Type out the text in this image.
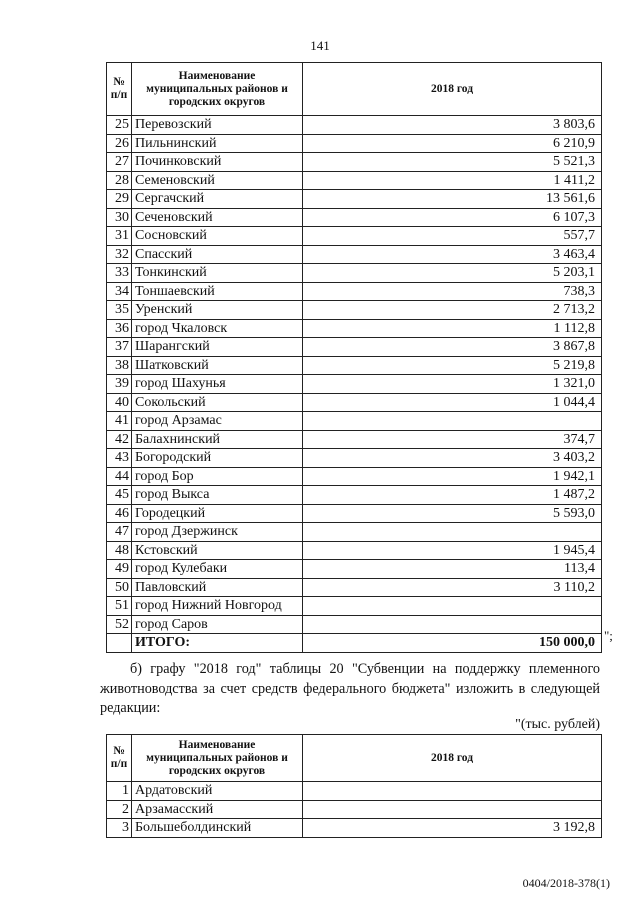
141
№ п/п	Наименование муниципальных районов и городских округов	2018 год
25	Перевозский	3 803,6
26	Пильнинский	6 210,9
27	Починковский	5 521,3
28	Семеновский	1 411,2
29	Сергачский	13 561,6
30	Сеченовский	6 107,3
31	Сосновский	557,7
32	Спасский	3 463,4
33	Тонкинский	5 203,1
34	Тоншаевский	738,3
35	Уренский	2 713,2
36	город Чкаловск	1 112,8
37	Шарангский	3 867,8
38	Шатковский	5 219,8
39	город Шахунья	1 321,0
40	Сокольский	1 044,4
41	город Арзамас	
42	Балахнинский	374,7
43	Богородский	3 403,2
44	город Бор	1 942,1
45	город Выкса	1 487,2
46	Городецкий	5 593,0
47	город Дзержинск	
48	Кстовский	1 945,4
49	город Кулебаки	113,4
50	Павловский	3 110,2
51	город Нижний Новгород	
52	город Саров	
	ИТОГО:	150 000,0 ";
б) графу "2018 год" таблицы 20 "Субвенции на поддержку племенного животноводства за счет средств федерального бюджета" изложить в следующей редакции:
"(тыс. рублей)
№ п/п	Наименование муниципальных районов и городских округов	2018 год
1	Ардатовский	
2	Арзамасский	
3	Большеболдинский	3 192,8
0404/2018-378(1)
